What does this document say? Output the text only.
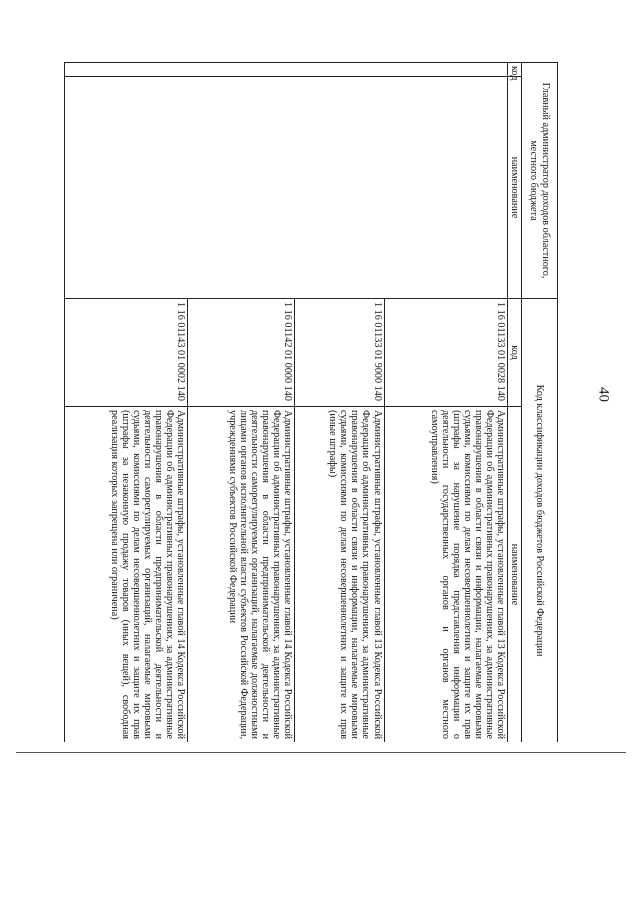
40
Главный администратор доходов областного, местного бюджета		Код классификации доходов бюджетов Российской Федерации	
код	наименование	код	наименование
		1 16 01133 01 0028 140	Административные штрафы, установленные главой 13 Кодекса Российской Федерации об административных правонарушениях, за административные правонарушения в области связи и информации, налагаемые мировыми судьями, комиссиями по делам несовершеннолетних и защите их прав (штрафы за нарушение порядка представления информации о деятельности государственных органов и органов местного самоуправления)
		1 16 01133 01 9000 140	Административные штрафы, установленные главой 13 Кодекса Российской Федерации об административных правонарушениях, за административные правонарушения в области связи и информации, налагаемые мировыми судьями, комиссиями по делам несовершеннолетних и защите их прав (иные штрафы)
		1 16 01142 01 0000 140	Административные штрафы, установленные главой 14 Кодекса Российской Федерации об административных правонарушениях, за административные правонарушения в области предпринимательской деятельности и деятельности саморегулируемых организаций, налагаемые должностными лицами органов исполнительной власти субъектов Российской Федерации, учреждениями субъектов Российской Федерации
		1 16 01143 01 0002 140	Административные штрафы, установленные главой 14 Кодекса Российской Федерации об административных правонарушениях, за административные правонарушения в области предпринимательской деятельности и деятельности саморегулируемых организаций, налагаемые мировыми судьями, комиссиями по делам несовершеннолетних и защите их прав (штрафы за незаконную продажу товаров (иных вещей), свободная реализация которых запрещена или ограничена)
